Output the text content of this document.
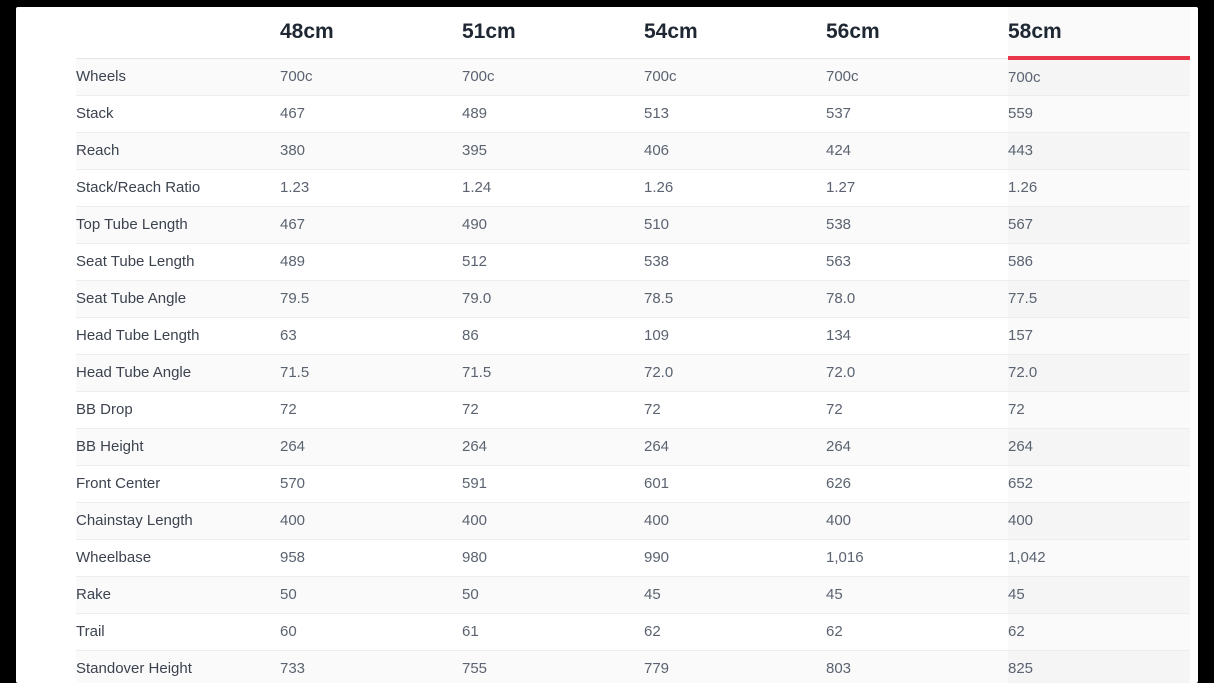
	48cm	51cm	54cm	56cm	58cm
Wheels	700c	700c	700c	700c	700c
Stack	467	489	513	537	559
Reach	380	395	406	424	443
Stack/Reach Ratio	1.23	1.24	1.26	1.27	1.26
Top Tube Length	467	490	510	538	567
Seat Tube Length	489	512	538	563	586
Seat Tube Angle	79.5	79.0	78.5	78.0	77.5
Head Tube Length	63	86	109	134	157
Head Tube Angle	71.5	71.5	72.0	72.0	72.0
BB Drop	72	72	72	72	72
BB Height	264	264	264	264	264
Front Center	570	591	601	626	652
Chainstay Length	400	400	400	400	400
Wheelbase	958	980	990	1,016	1,042
Rake	50	50	45	45	45
Trail	60	61	62	62	62
Standover Height	733	755	779	803	825
